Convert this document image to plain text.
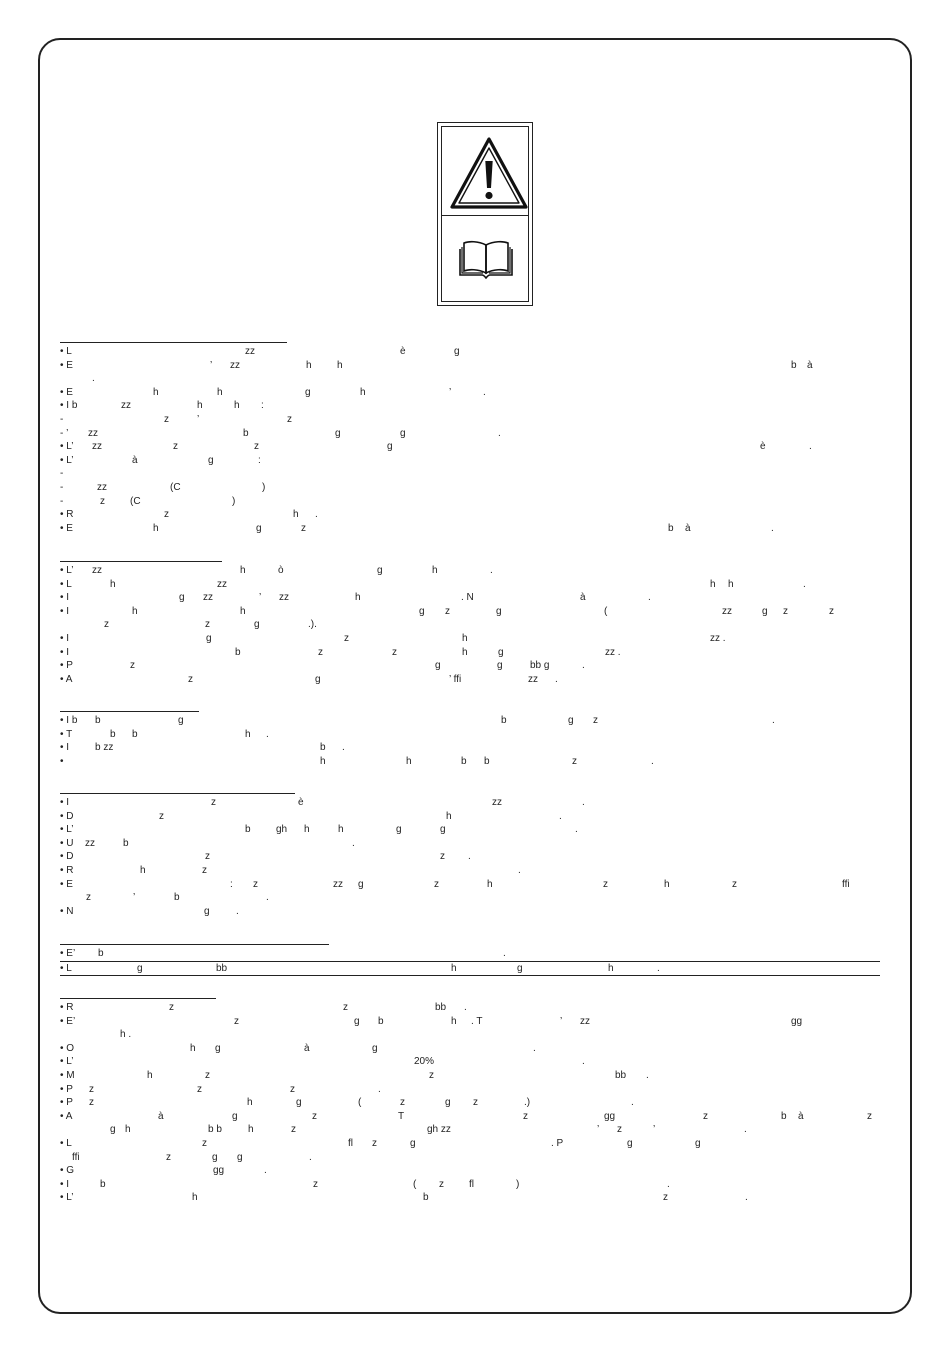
• L	zz	è	g
• E	’ zz	h	h	b à
.
• E	h	h	g	h	’	.
• I b	zz	h	h :
-	z	’	z
- ’ zz	b	g	g	.
• L’ zz	z	z	g	è	.
• L’	à	g	:
-
-	zz	(C	)
-	z	(C	)
• R	z	h .
• E	h	g	z	b à	.
• L’ zz	h	ò	g	h	.
• L	h	zz	h h	.
• I	g zz	’ zz	h	. N	à	.
• I	h	h	g z	g	(	zz	g z	z
z	z	g	.).
• I	g	z	h	zz .
• I	b	z	z	h	g	zz .
• P	z	g	g	bb g	.
• A	z	g	’ ffi	zz .
• I b b	g	b	g z	.
• T	b b	h .
• I	b zz	b .
•	h	h	b b	z	.
• I	z	è	zz	.
• D	z	h	.
• L’	b	gh h	h	g	g	.
• U zz	b	.
• D	z	z .
• R	h	z	.
• E	: z	zz g	z	h	z	h	z	ffi
z	’	b	.
• N	g	.
• E’ b	.
• L	g	bb	h	g	h	.
• R	z	z	bb .
• E’	z	g b	h . T	’ zz	gg
h .
• O	h g	à	g	.
• L’	20%	.
• M	h	z	z	bb .
• P z	z	z	.
• P z	h	g	(	z	g z	.)	.
• A	à	g	z	T	z	gg	z	b à	z
g h	b b	h	z	gh zz	’ z	’	.
• L	z	fl z	g	. P	g	g
ffi	z	g g	.
• G	gg	.
• I	b	z	( z	fl	)	.
• L’	h	b	z	.
